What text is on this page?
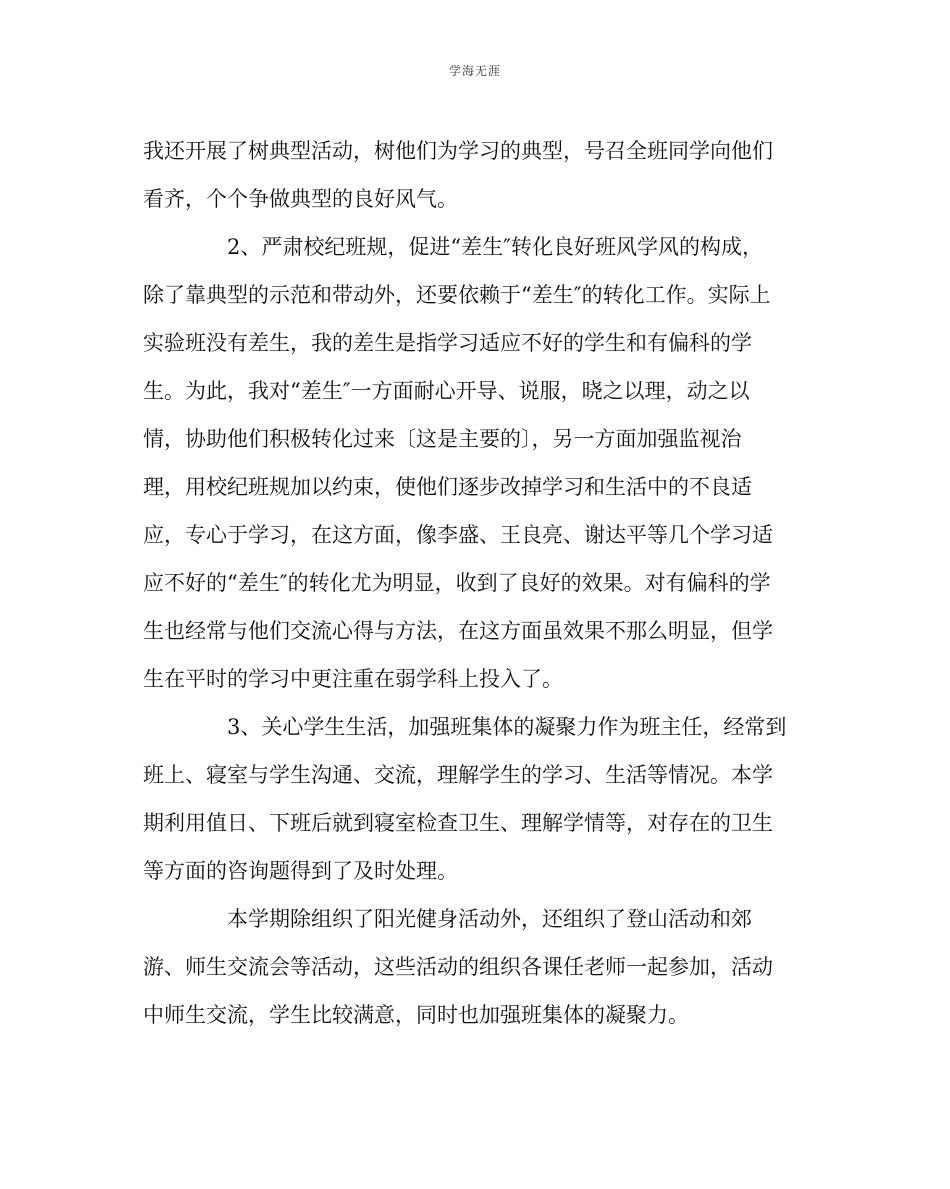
学海无涯
我还开展了树典型活动，树他们为学习的典型，号召全班同学向他们
看齐，个个争做典型的良好风气。
2、严肃校纪班规，促进“差生″转化良好班风学风的构成，
除了靠典型的示范和带动外，还要依赖于“差生″的转化工作。实际上
实验班没有差生，我的差生是指学习适应不好的学生和有偏科的学
生。为此，我对“差生″一方面耐心开导、说服，晓之以理，动之以
情，协助他们积极转化过来〔这是主要的〕，另一方面加强监视治
理，用校纪班规加以约束，使他们逐步改掉学习和生活中的不良适
应，专心于学习，在这方面，像李盛、王良亮、谢达平等几个学习适
应不好的“差生″的转化尤为明显，收到了良好的效果。对有偏科的学
生也经常与他们交流心得与方法，在这方面虽效果不那么明显，但学
生在平时的学习中更注重在弱学科上投入了。
3、关心学生生活，加强班集体的凝聚力作为班主任，经常到
班上、寝室与学生沟通、交流，理解学生的学习、生活等情况。本学
期利用值日、下班后就到寝室检查卫生、理解学情等，对存在的卫生
等方面的咨询题得到了及时处理。
本学期除组织了阳光健身活动外，还组织了登山活动和郊
游、师生交流会等活动，这些活动的组织各课任老师一起参加，活动
中师生交流，学生比较满意，同时也加强班集体的凝聚力。
